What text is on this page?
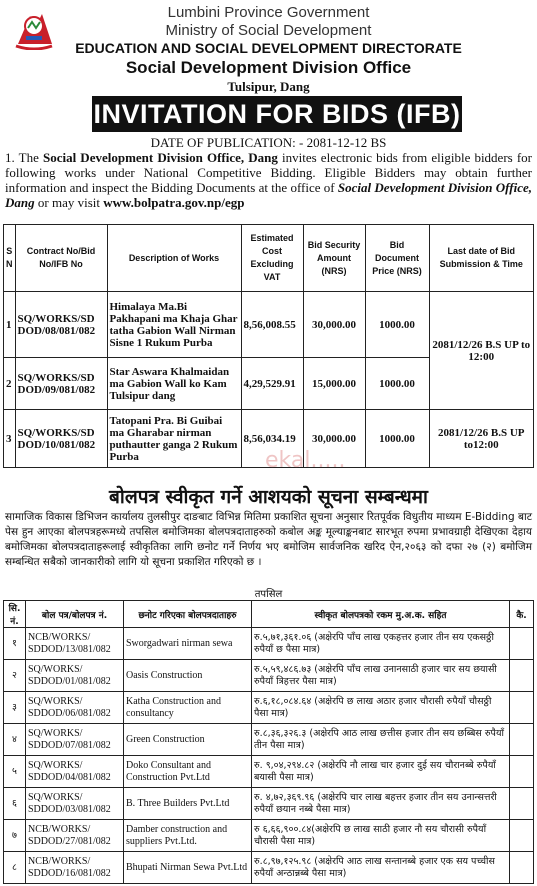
Lumbini Province Government
Ministry of Social Development
EDUCATION AND SOCIAL DEVELOPMENT DIRECTORATE
Social Development Division Office
Tulsipur, Dang
INVITATION FOR BIDS (IFB)
DATE OF PUBLICATION: - 2081-12-12 BS
1. The Social Development Division Office, Dang invites electronic bids from eligible bidders for following works under National Competitive Bidding. Eligible Bidders may obtain further information and inspect the Bidding Documents at the office of Social Development Division Office, Dang or may visit www.bolpatra.gov.np/egp
S N	Contract No/Bid No/IFB No	Description of Works	Estimated Cost Excluding VAT	Bid Security Amount (NRS)	Bid Document Price (NRS)	Last date of Bid Submission & Time
1	SQ/WORKS/SD DOD/08/081/082	Himalaya Ma.Bi Pakhapani ma Khaja Ghar tatha Gabion Wall Nirman Sisne 1 Rukum Purba	8,56,008.55	30,000.00	1000.00	2081/12/26 B.S UP to 12:00
2	SQ/WORKS/SD DOD/09/081/082	Star Aswara Khalmaidan ma Gabion Wall ko Kam Tulsipur dang	4,29,529.91	15,000.00	1000.00	
3	SQ/WORKS/SD DOD/10/081/082	Tatopani Pra. Bi Guibai ma Gharabar nirman puthautter ganga 2 Rukum Purba	8,56,034.19	30,000.00	1000.00	2081/12/26 B.S UP to12:00
ekal.....
बोलपत्र स्वीकृत गर्ने आशयको सूचना सम्बन्धमा
सामाजिक विकास डिभिजन कार्यालय तुलसीपुर दाङबाट विभिन्न मितिमा प्रकाशित सूचना अनुसार रितपूर्वक विधुतीय माध्यम E-Bidding बाट पेस हुन आएका बोलपत्रहरूमध्ये तपसिल बमोजिमका बोलपत्रदाताहरुको कबोल अङ्क मूल्याङ्कनबाट सारभूत रुपमा प्रभावग्राही देखिएका देहाय बमोजिमका बोलपत्रदाताहरूलाई स्वीकृतिका लागि छनोट गर्ने निर्णय भए बमोजिम सार्वजनिक खरिद ऐन,२०६३ को दफा २७ (२) बमोजिम सम्बन्धित सबैको जानकारीको लागि यो सूचना प्रकाशित गरिएको छ ।
तपसिल
सि. नं.	बोल पत्र/बोलपत्र नं.	छनोट गरिएका बोलपत्रदाताहरु	स्वीकृत बोलपत्रको रकम मु.अ.क. सहित	कै.
१	NCB/WORKS/ SDDOD/13/081/082	Sworgadwari nirman sewa	रु.५,७१,३६१.०६ (अक्षेरपि पाँच लाख एकहत्तर हजार तीन सय एकसठ्ठी रुपैयाँ छ पैसा मात्र)	
२	SQ/WORKS/ SDDOD/01/081/082	Oasis Construction	रु.५,५९,४८६.७३ (अक्षेरपि पाँच लाख उनानसाठी हजार चार सय छयासी रुपैयाँ त्रिहत्तर पैसा मात्र)	
३	SQ/WORKS/ SDDOD/06/081/082	Katha Construction and consultancy	रु.६,१८,०८४.६४ (अक्षेरपि छ लाख अठार हजार चौरासी रुपैयाँ चौसठ्ठी पैसा मात्र)	
४	SQ/WORKS/ SDDOD/07/081/082	Green Construction	रु.८,३६,३२६.३ (अक्षेरपि आठ लाख छत्तीस हजार तीन सय छब्बिस रुपैयाँ तीन पैसा मात्र)	
५	SQ/WORKS/ SDDOD/04/081/082	Doko Consultant and Construction Pvt.Ltd	रु. ९,०४,२९४.८२ (अक्षेरपि नौ लाख चार हजार दुई सय चौरानब्बे रुपैयाँ बयासी पैसा मात्र)	
६	SQ/WORKS/ SDDOD/03/081/082	B. Three Builders Pvt.Ltd	रु. ४,७२,३६९.९६ (अक्षेरपि चार लाख बहत्तर हजार तीन सय उनान्सत्तरी रुपैयाँ छयान नब्बे पैसा मात्र)	
७	NCB/WORKS/ SDDOD/27/081/082	Damber construction and suppliers Pvt.Ltd.	रु ६,६६,९००.८४(अक्षेरपि छ लाख साठी हजार नौ सय चौरासी रुपैयाँ चौरासी पैसा मात्र)	
८	NCB/WORKS/ SDDOD/16/081/082	Bhupati Nirman Sewa Pvt.Ltd	रु.८,९७,१२५.९८ (अक्षेरपि आठ लाख सन्तानब्बे हजार एक सय पच्चीस रुपैयाँ अन्ठान्नब्बे पैसा मात्र)	
